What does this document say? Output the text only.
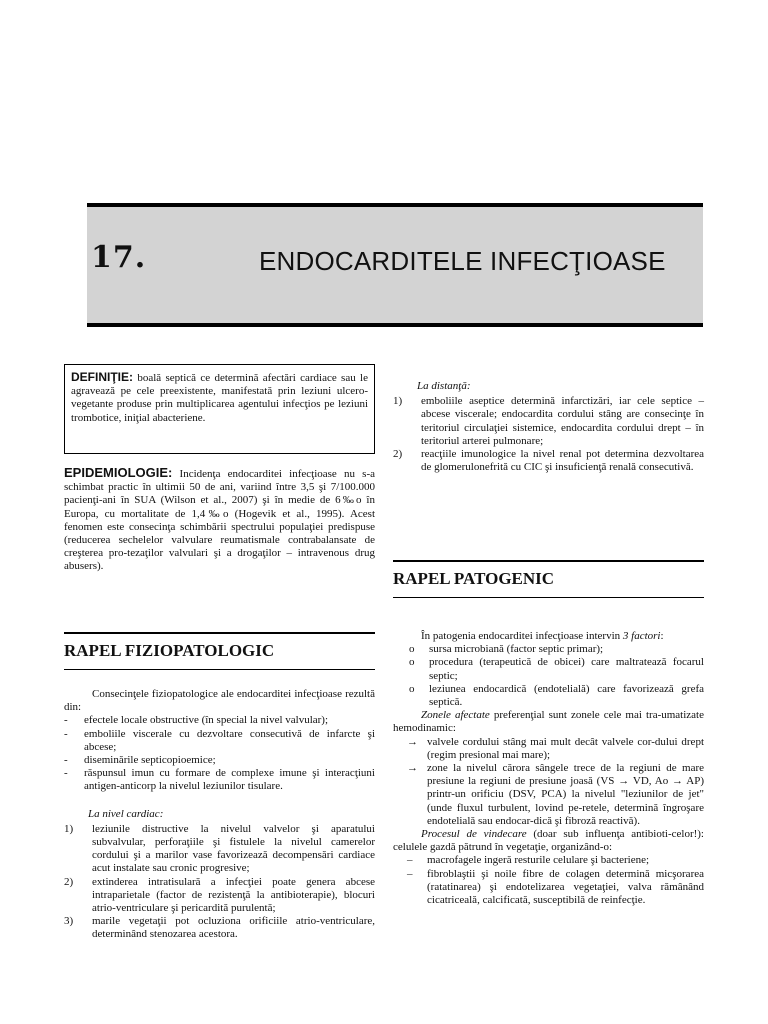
17.	ENDOCARDITELE INFECŢIOASE
DEFINIŢIE: boală septică ce determină afectări cardiace sau le agravează pe cele preexistente, manifestată prin leziuni ulcero-vegetante produse prin multiplicarea agentului infecţios pe leziuni trombotice, iniţial abacteriene.
EPIDEMIOLOGIE: Incidenţa endocarditei infecţioase nu s-a schimbat practic în ultimii 50 de ani, variind între 3,5 şi 7/100.000 pacienţi-ani în SUA (Wilson et al., 2007) şi în medie de 6‰o în Europa, cu mortalitate de 1,4‰o (Hogevik et al., 1995). Acest fenomen este consecinţa schimbării spectrului populaţiei predispuse (reducerea sechelelor valvulare reumatismale contrabalansate de creşterea pro-tezaţilor valvulari şi a drogaţilor – intravenous drug abusers).
RAPEL FIZIOPATOLOGIC

Consecinţele fiziopatologice ale endocarditei infecţioase rezultă din:

- efectele locale obstructive (în special la nivel valvular);
- emboliile viscerale cu dezvoltare consecutivă de infarcte şi abcese;
- diseminările septicopioemice;
- răspunsul imun cu formare de complexe imune şi interacţiuni antigen-anticorp la nivelul leziunilor tisulare.
La nivel cardiac:
1) leziunile distructive la nivelul valvelor şi aparatului subvalvular, perforaţiile şi fistulele la nivelul camerelor cordului şi a marilor vase favorizează decompensări cardiace acut instalate sau cronic progresive;
2) extinderea intratisulară a infecţiei poate genera abcese intraparietale (factor de rezistenţă la antibioterapie), blocuri atrio-ventriculare şi pericardită purulentă;
3) marile vegetaţii pot ocluziona orificiile atrio-ventriculare, determinând stenozarea acestora.
La distanţă:
1) emboliile aseptice determină infarctizări, iar cele septice – abcese viscerale; endocardita cordului stâng are consecinţe în teritoriul circulaţiei sistemice, endocardita cordului drept – în teritoriul arterei pulmonare;
2) reacţiile imunologice la nivel renal pot determina dezvoltarea de glomerulonefrită cu CIC şi insuficienţă renală consecutivă.
RAPEL PATOGENIC

În patogenia endocarditei infecţioase intervin 3 factori:

o sursa microbiană (factor septic primar);
o procedura (terapeutică de obicei) care maltratează focarul septic;
o leziunea endocardică (endotelială) care favorizează grefa septică.

Zonele afectate preferenţial sunt zonele cele mai tra-umatizate hemodinamic:

→ valvele cordului stâng mai mult decât valvele cor-dului drept (regim presional mai mare);
→ zone la nivelul cărora sângele trece de la regiuni de mare presiune la regiuni de presiune joasă (VS → VD, Ao → AP) printr-un orificiu (DSV, PCA) la nivelul "leziunilor de jet" (unde fluxul turbulent, lovind pe-retele, determină îngroşare endotelială sau endocar-dică şi fibroză reactivă).

Procesul de vindecare (doar sub influenţa antibioti-celor!): celulele gazdă pătrund în vegetaţie, organizând-o:

– macrofagele ingeră resturile celulare şi bacteriene;
– fibroblaştii şi noile fibre de colagen determină micşorarea (ratatinarea) şi endotelizarea vegetaţiei, valva rămânând cicatriceală, calcificată, susceptibilă de reinfecţie.
